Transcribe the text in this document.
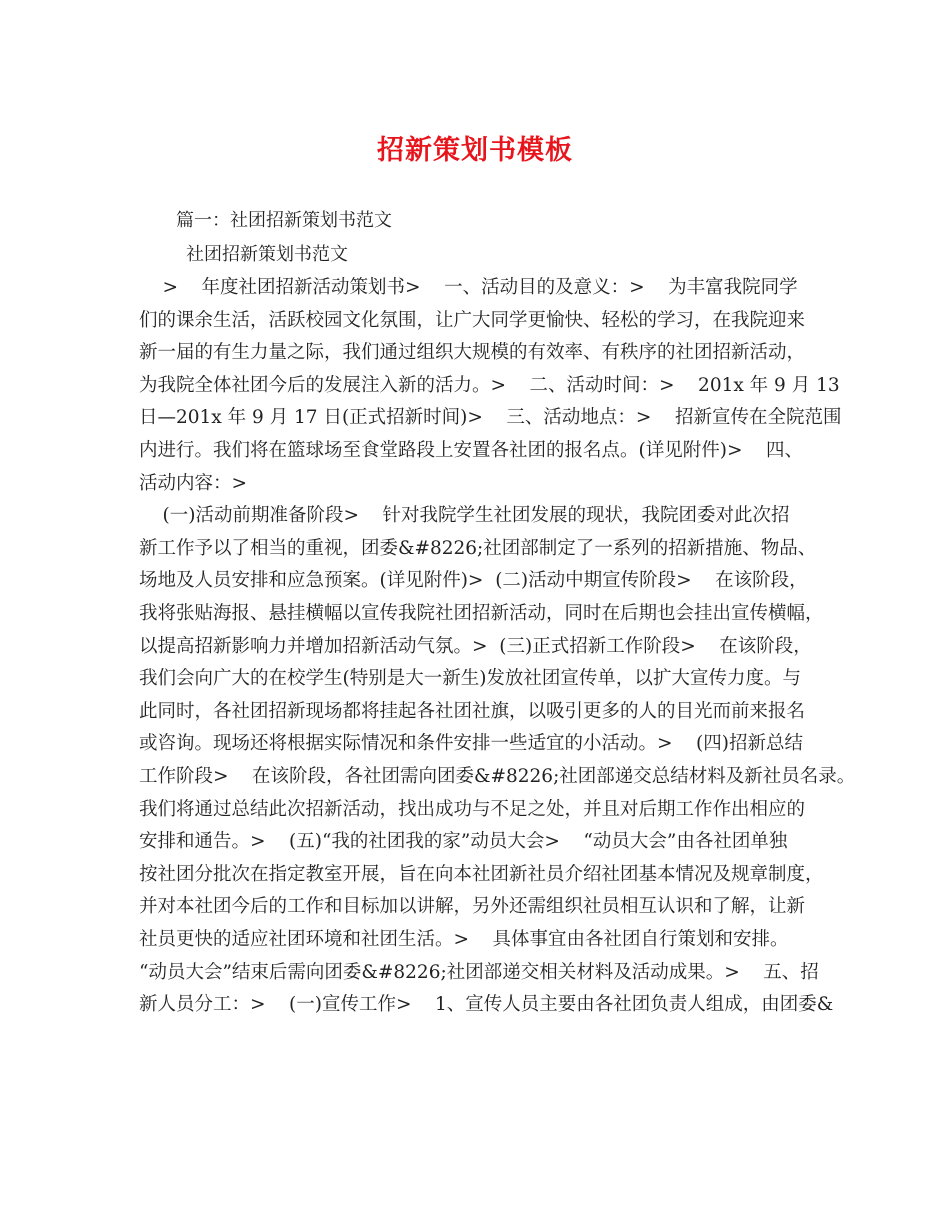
招新策划书模板
篇一：社团招新策划书范文
社团招新策划书范文
>    年度社团招新活动策划书>    一、活动目的及意义：>    为丰富我院同学
们的课余生活，活跃校园文化氛围，让广大同学更愉快、轻松的学习，在我院迎来
新一届的有生力量之际，我们通过组织大规模的有效率、有秩序的社团招新活动，
为我院全体社团今后的发展注入新的活力。>    二、活动时间：>    201x 年 9 月 13
日—201x 年 9 月 17 日(正式招新时间)>    三、活动地点：>    招新宣传在全院范围
内进行。我们将在篮球场至食堂路段上安置各社团的报名点。(详见附件)>    四、
活动内容：>
(一)活动前期准备阶段>    针对我院学生社团发展的现状，我院团委对此次招
新工作予以了相当的重视，团委&#8226;社团部制定了一系列的招新措施、物品、
场地及人员安排和应急预案。(详见附件)>  (二)活动中期宣传阶段>    在该阶段，
我将张贴海报、悬挂横幅以宣传我院社团招新活动，同时在后期也会挂出宣传横幅，
以提高招新影响力并增加招新活动气氛。>  (三)正式招新工作阶段>    在该阶段，
我们会向广大的在校学生(特别是大一新生)发放社团宣传单，以扩大宣传力度。与
此同时，各社团招新现场都将挂起各社团社旗，以吸引更多的人的目光而前来报名
或咨询。现场还将根据实际情况和条件安排一些适宜的小活动。>    (四)招新总结
工作阶段>    在该阶段，各社团需向团委&#8226;社团部递交总结材料及新社员名录。
我们将通过总结此次招新活动，找出成功与不足之处，并且对后期工作作出相应的
安排和通告。>    (五)“我的社团我的家”动员大会>    “动员大会”由各社团单独
按社团分批次在指定教室开展，旨在向本社团新社员介绍社团基本情况及规章制度，
并对本社团今后的工作和目标加以讲解，另外还需组织社员相互认识和了解，让新
社员更快的适应社团环境和社团生活。>    具体事宜由各社团自行策划和安排。
“动员大会”结束后需向团委&#8226;社团部递交相关材料及活动成果。>    五、招
新人员分工：>    (一)宣传工作>    1、宣传人员主要由各社团负责人组成，由团委&
